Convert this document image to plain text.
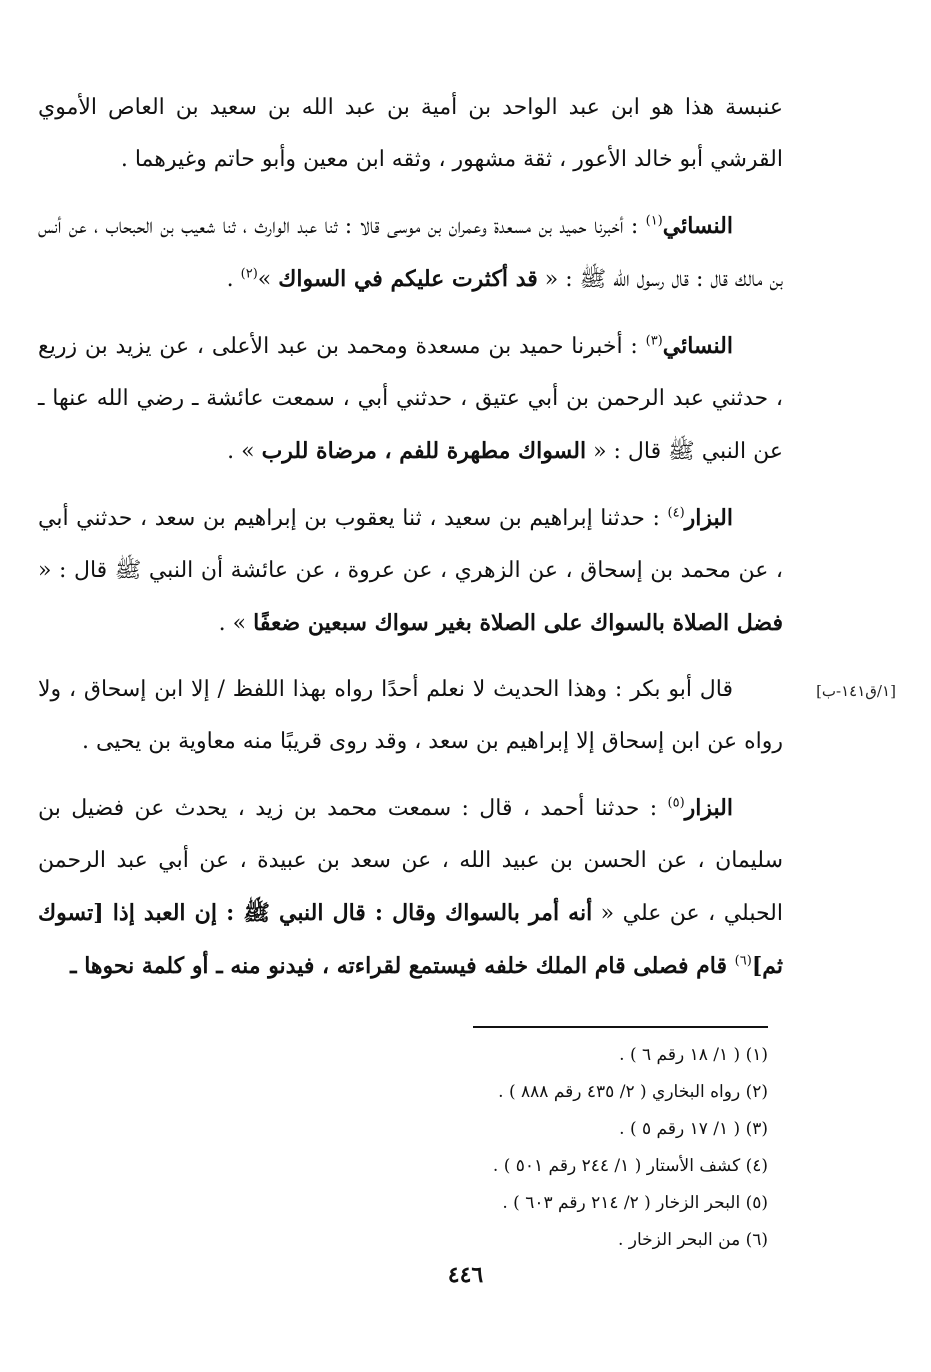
عنبسة هذا هو ابن عبد الواحد بن أمية بن عبد الله بن سعيد بن العاص الأموي القرشي أبو خالد الأعور ، ثقة مشهور ، وثقه ابن معين وأبو حاتم وغيرهما .

النسائي$^{(١)}$ : أخبرنا حميد بن مسعدة وعمران بن موسى قالا : ثنا عبد الوارث ، ثنا شعيب بن الحبحاب ، عن أنس بن مالك قال : قال رسول الله ﷺ : « قد أكثرت عليكم في السواك »$^{(٢)}$ .

النسائي$^{(٣)}$ : أخبرنا حميد بن مسعدة ومحمد بن عبد الأعلى ، عن يزيد بن زريع ، حدثني عبد الرحمن بن أبي عتيق ، حدثني أبي ، سمعت عائشة ـ رضي الله عنها ـ عن النبي ﷺ قال : « السواك مطهرة للفم ، مرضاة للرب » .

البزار$^{(٤)}$ : حدثنا إبراهيم بن سعيد ، ثنا يعقوب بن إبراهيم بن سعد ، حدثني أبي ، عن محمد بن إسحاق ، عن الزهري ، عن عروة ، عن عائشة أن النبي ﷺ قال : « فضل الصلاة بالسواك على الصلاة بغير سواك سبعين ضعفًا » .

قال أبو بكر : وهذا الحديث لا نعلم أحدًا رواه بهذا اللفظ / إلا ابن إسحاق ، ولا رواه عن ابن إسحاق إلا إبراهيم بن سعد ، وقد روى قريبًا منه معاوية بن يحيى .

البزار$^{(٥)}$ : حدثنا أحمد ، قال : سمعت محمد بن زيد ، يحدث عن فضيل بن سليمان ، عن الحسن بن عبيد الله ، عن سعد بن عبيدة ، عن أبي عبد الرحمن الحبلي ، عن علي « أنه أمر بالسواك وقال : قال النبي ﷺ : إن العبد إذا [تسوك ثم]$^{(٦)}$ قام فصلى قام الملك خلفه فيستمع لقراءته ، فيدنو منه ـ أو كلمة نحوها ـ

[١/ق١٤١-ب]
(١) ( ١/ ١٨ رقم ٦ ) .
(٢) رواه البخاري ( ٢/ ٤٣٥ رقم ٨٨٨ ) .
(٣) ( ١/ ١٧ رقم ٥ ) .
(٤) كشف الأستار ( ١/ ٢٤٤ رقم ٥٠١ ) .
(٥) البحر الزخار ( ٢/ ٢١٤ رقم ٦٠٣ ) .
(٦) من البحر الزخار .
٤٤٦
